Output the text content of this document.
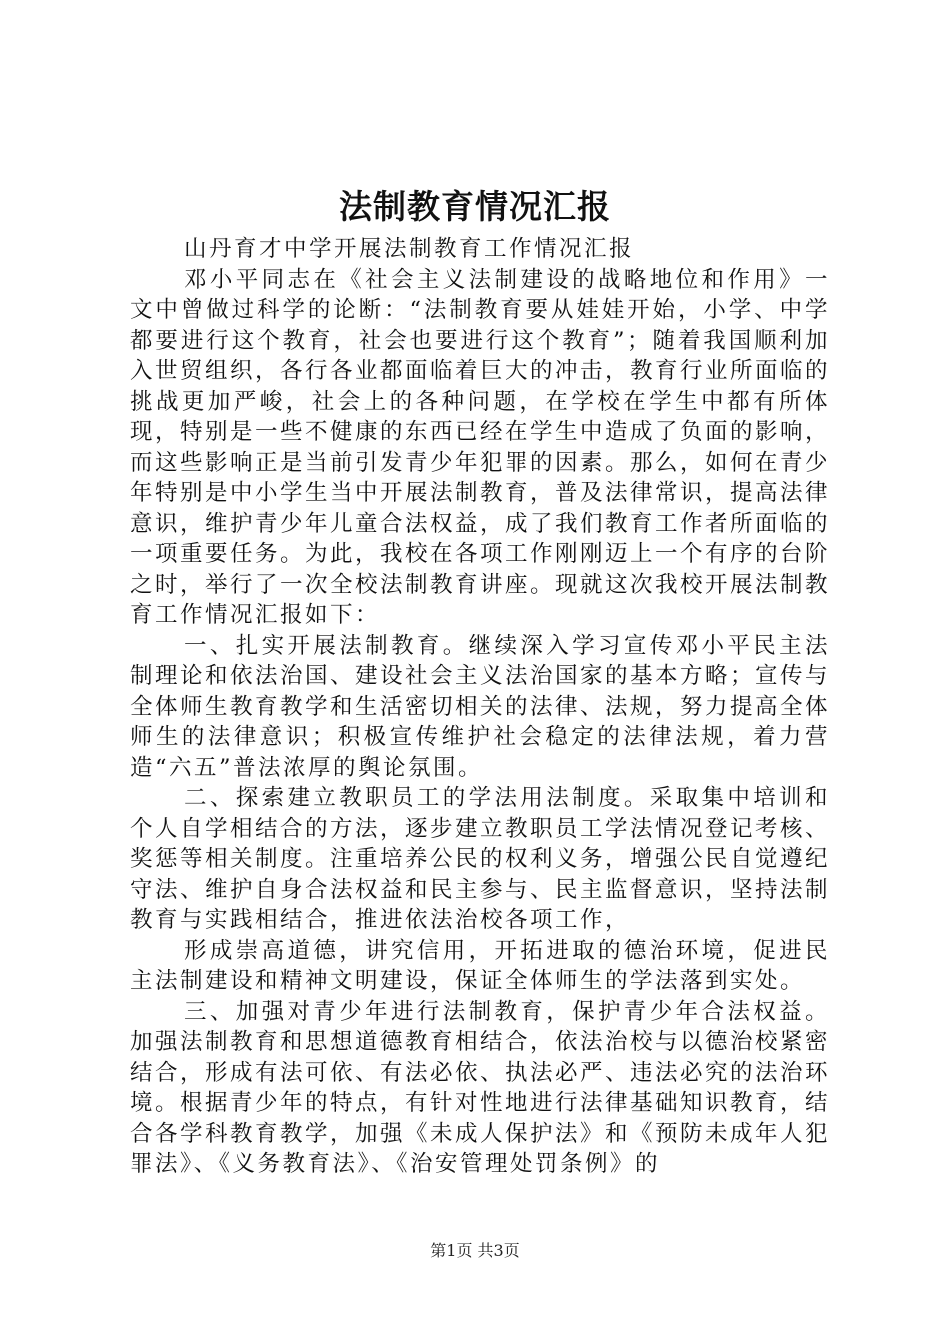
法制教育情况汇报

山丹育才中学开展法制教育工作情况汇报

邓小平同志在《社会主义法制建设的战略地位和作用》一文中曾做过科学的论断：“法制教育要从娃娃开始，小学、中学都要进行这个教育，社会也要进行这个教育”；随着我国顺利加入世贸组织，各行各业都面临着巨大的冲击，教育行业所面临的挑战更加严峻，社会上的各种问题，在学校在学生中都有所体现，特别是一些不健康的东西已经在学生中造成了负面的影响，而这些影响正是当前引发青少年犯罪的因素。那么，如何在青少年特别是中小学生当中开展法制教育，普及法律常识，提高法律意识，维护青少年儿童合法权益，成了我们教育工作者所面临的一项重要任务。为此，我校在各项工作刚刚迈上一个有序的台阶之时，举行了一次全校法制教育讲座。现就这次我校开展法制教育工作情况汇报如下：

一、扎实开展法制教育。继续深入学习宣传邓小平民主法制理论和依法治国、建设社会主义法治国家的基本方略；宣传与全体师生教育教学和生活密切相关的法律、法规，努力提高全体师生的法律意识；积极宣传维护社会稳定的法律法规，着力营造“六五”普法浓厚的舆论氛围。

二、探索建立教职员工的学法用法制度。采取集中培训和个人自学相结合的方法，逐步建立教职员工学法情况登记考核、奖惩等相关制度。注重培养公民的权利义务，增强公民自觉遵纪守法、维护自身合法权益和民主参与、民主监督意识，坚持法制教育与实践相结合，推进依法治校各项工作，

形成崇高道德，讲究信用，开拓进取的德治环境，促进民主法制建设和精神文明建设，保证全体师生的学法落到实处。

三、加强对青少年进行法制教育，保护青少年合法权益。加强法制教育和思想道德教育相结合，依法治校与以德治校紧密结合，形成有法可依、有法必依、执法必严、违法必究的法治环境。根据青少年的特点，有针对性地进行法律基础知识教育，结合各学科教育教学，加强《未成人保护法》和《预防未成年人犯罪法》、《义务教育法》、《治安管理处罚条例》的

第1页 共3页
